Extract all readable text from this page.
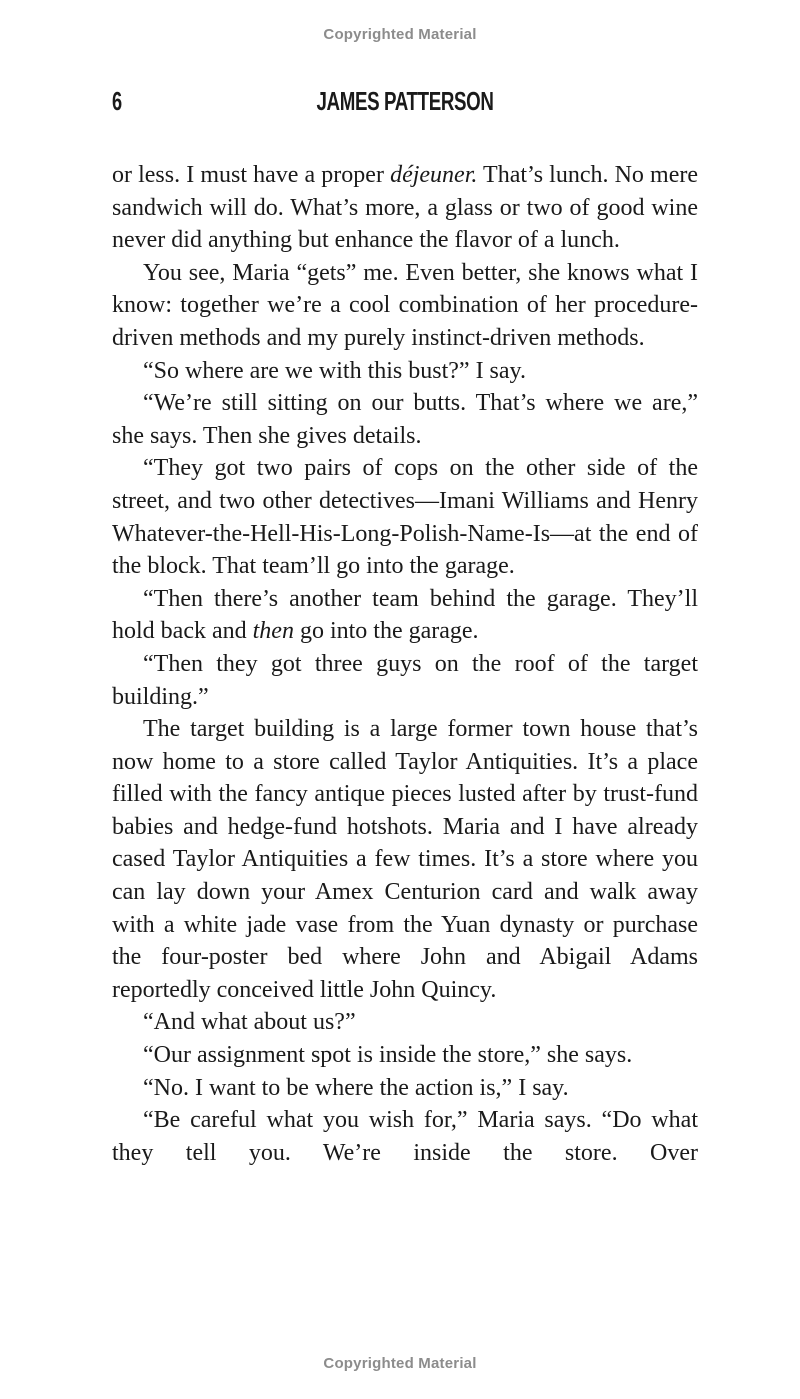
Copyrighted Material
6	JAMES PATTERSON

or less. I must have a proper déjeuner. That’s lunch. No mere sandwich will do. What’s more, a glass or two of good wine never did anything but enhance the flavor of a lunch.

You see, Maria “gets” me. Even better, she knows what I know: together we’re a cool combination of her procedure-driven methods and my purely instinct-driven methods.

“So where are we with this bust?” I say.

“We’re still sitting on our butts. That’s where we are,” she says. Then she gives details.

“They got two pairs of cops on the other side of the street, and two other detectives—Imani Williams and Henry Whatever-the-Hell-His-Long-Polish-Name-Is—at the end of the block. That team’ll go into the garage.

“Then there’s another team behind the garage. They’ll hold back and then go into the garage.

“Then they got three guys on the roof of the target building.”

The target building is a large former town house that’s now home to a store called Taylor Antiquities. It’s a place filled with the fancy antique pieces lusted after by trust-fund babies and hedge-fund hotshots. Maria and I have already cased Taylor Antiquities a few times. It’s a store where you can lay down your Amex Centurion card and walk away with a white jade vase from the Yuan dynasty or purchase the four-poster bed where John and Abigail Adams reportedly conceived little John Quincy.

“And what about us?”

“Our assignment spot is inside the store,” she says.

“No. I want to be where the action is,” I say.

“Be careful what you wish for,” Maria says. “Do what they tell you. We’re inside the store. Over

Copyrighted Material
